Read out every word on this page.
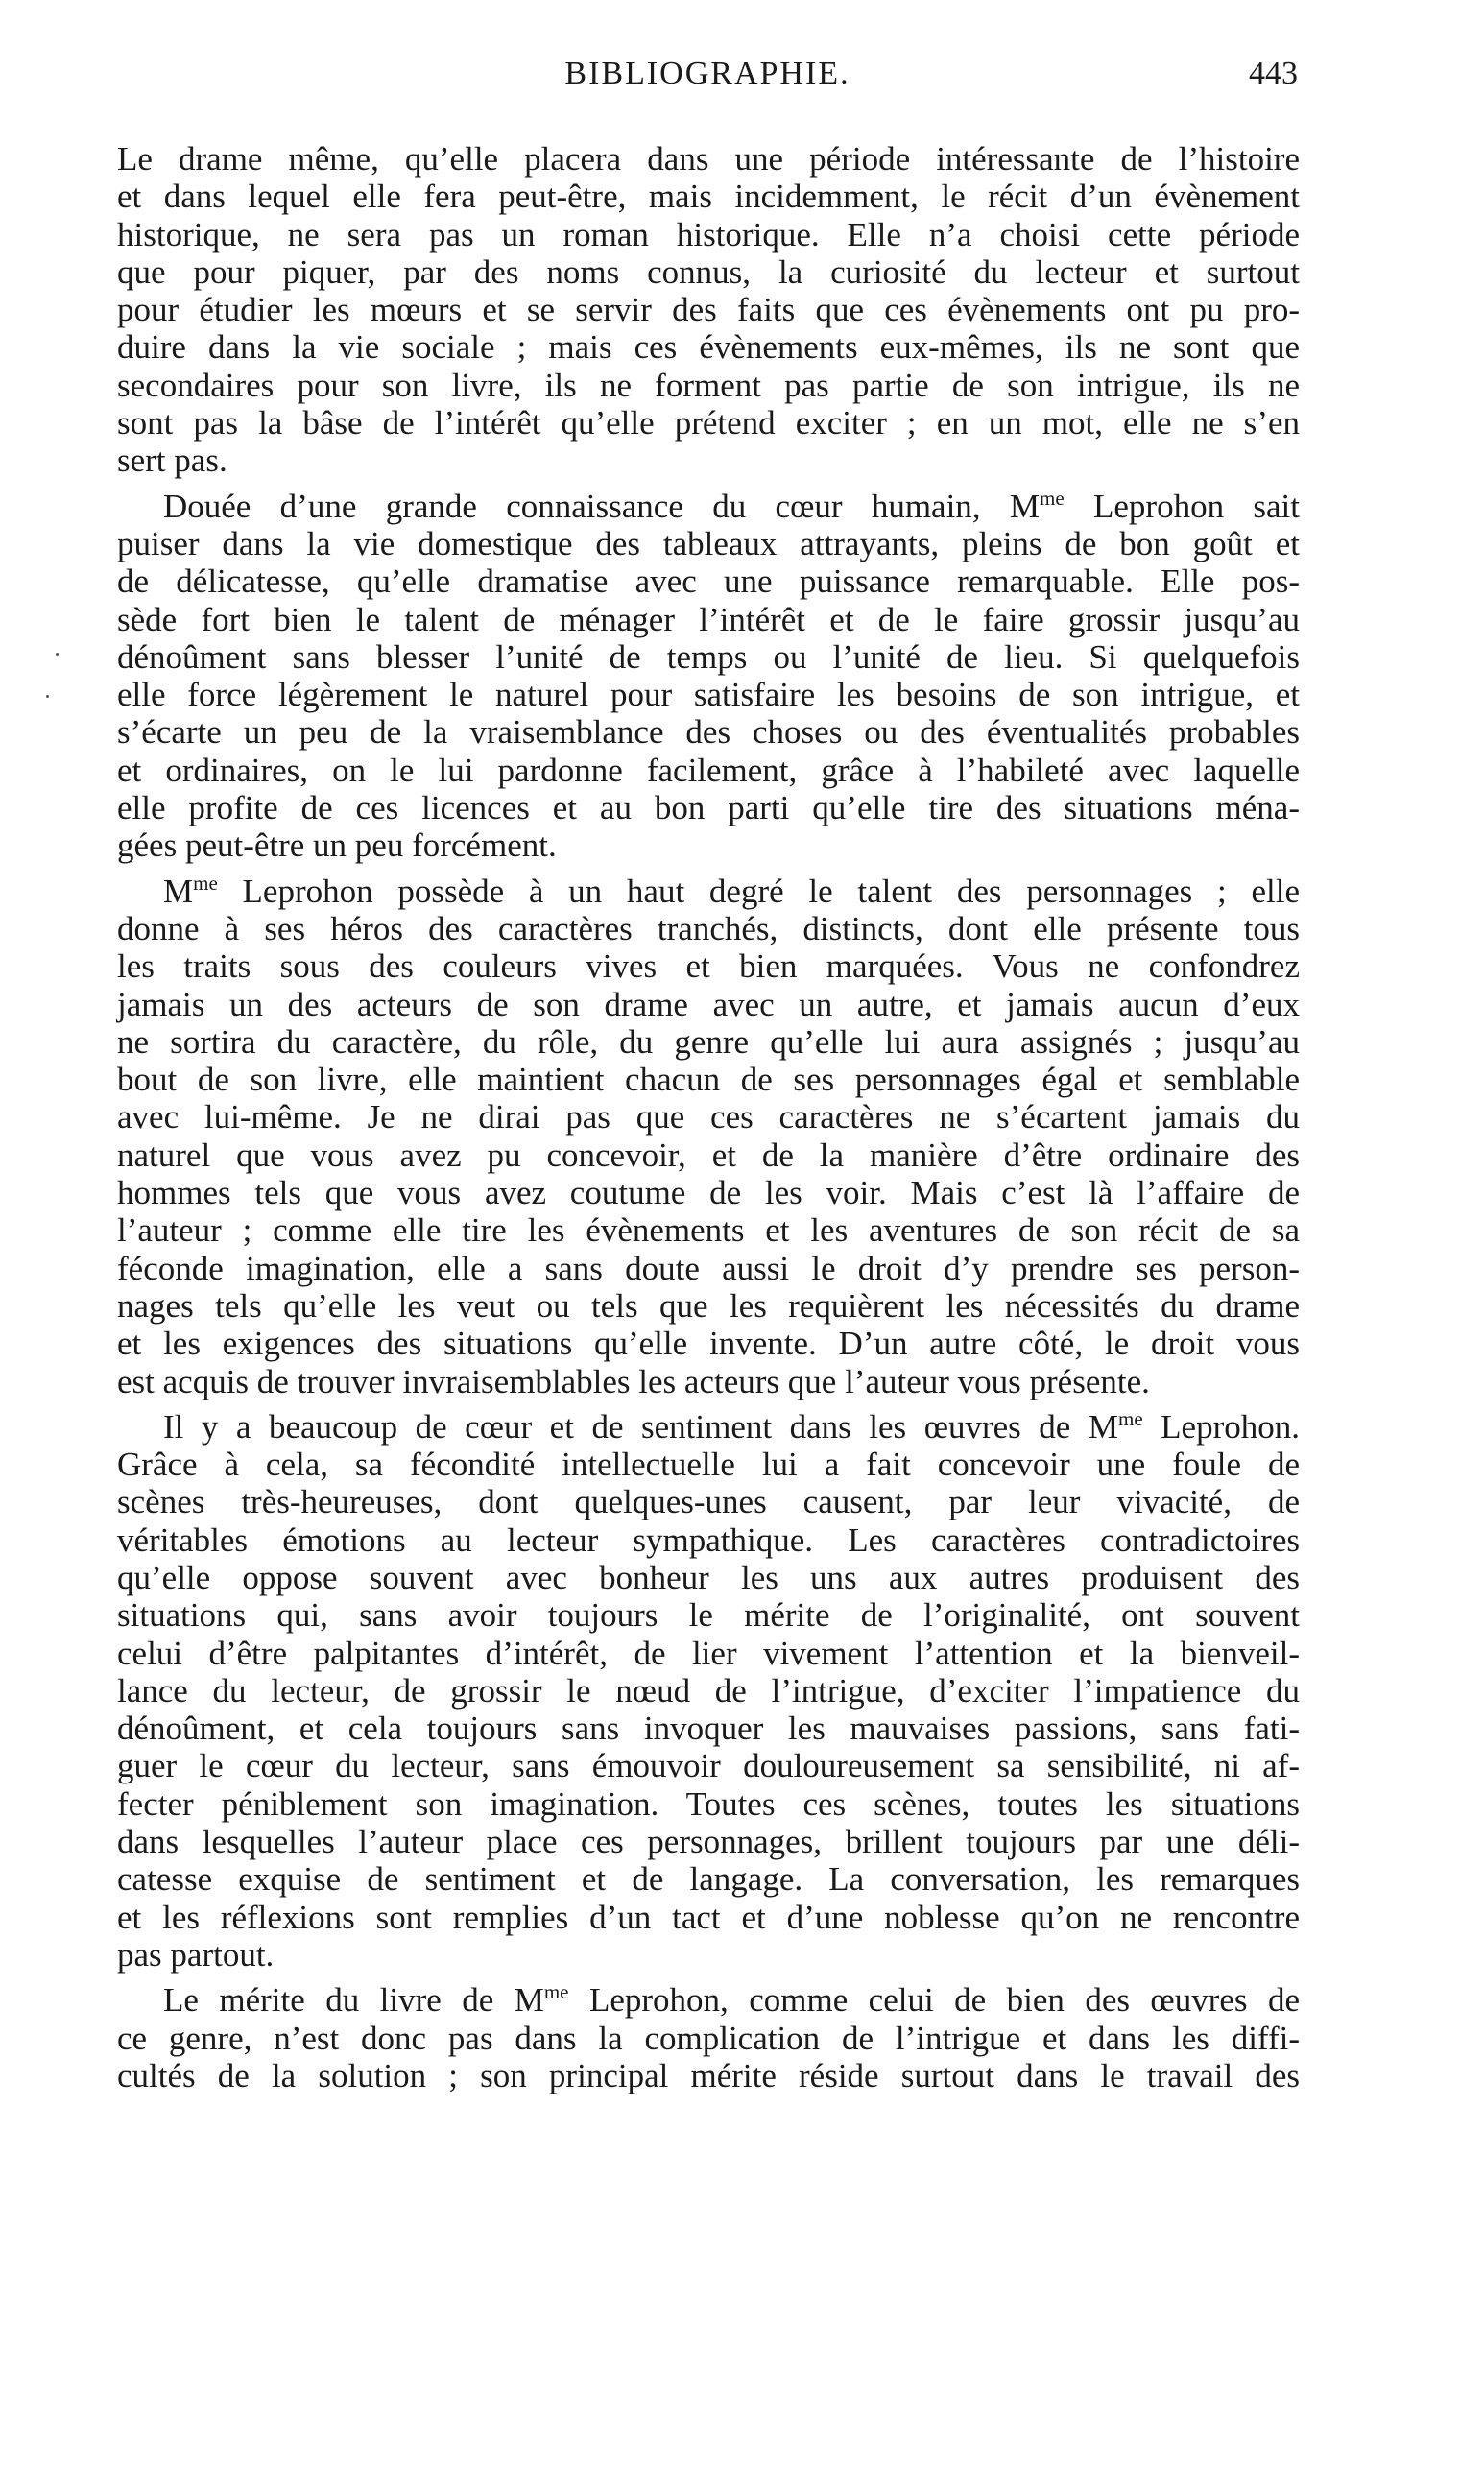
BIBLIOGRAPHIE.	443
Le drame même, qu’elle placera dans une période intéressante de l’histoire
et dans lequel elle fera peut-être, mais incidemment, le récit d’un évènement
historique, ne sera pas un roman historique. Elle n’a choisi cette période
que pour piquer, par des noms connus, la curiosité du lecteur et surtout
pour étudier les mœurs et se servir des faits que ces évènements ont pu pro-
duire dans la vie sociale ; mais ces évènements eux-mêmes, ils ne sont que
secondaires pour son livre, ils ne forment pas partie de son intrigue, ils ne
sont pas la bâse de l’intérêt qu’elle prétend exciter ; en un mot, elle ne s’en
sert pas.
Douée d’une grande connaissance du cœur humain, $M^{me}$ Leprohon sait
puiser dans la vie domestique des tableaux attrayants, pleins de bon goût et
de délicatesse, qu’elle dramatise avec une puissance remarquable. Elle pos-
sède fort bien le talent de ménager l’intérêt et de le faire grossir jusqu’au
dénoûment sans blesser l’unité de temps ou l’unité de lieu. Si quelquefois
elle force légèrement le naturel pour satisfaire les besoins de son intrigue, et
s’écarte un peu de la vraisemblance des choses ou des éventualités probables
et ordinaires, on le lui pardonne facilement, grâce à l’habileté avec laquelle
elle profite de ces licences et au bon parti qu’elle tire des situations ména-
gées peut-être un peu forcément.
$M^{me}$ Leprohon possède à un haut degré le talent des personnages ; elle
donne à ses héros des caractères tranchés, distincts, dont elle présente tous
les traits sous des couleurs vives et bien marquées. Vous ne confondrez
jamais un des acteurs de son drame avec un autre, et jamais aucun d’eux
ne sortira du caractère, du rôle, du genre qu’elle lui aura assignés ; jusqu’au
bout de son livre, elle maintient chacun de ses personnages égal et semblable
avec lui-même. Je ne dirai pas que ces caractères ne s’écartent jamais du
naturel que vous avez pu concevoir, et de la manière d’être ordinaire des
hommes tels que vous avez coutume de les voir. Mais c’est là l’affaire de
l’auteur ; comme elle tire les évènements et les aventures de son récit de sa
féconde imagination, elle a sans doute aussi le droit d’y prendre ses person-
nages tels qu’elle les veut ou tels que les requièrent les nécessités du drame
et les exigences des situations qu’elle invente. D’un autre côté, le droit vous
est acquis de trouver invraisemblables les acteurs que l’auteur vous présente.
Il y a beaucoup de cœur et de sentiment dans les œuvres de $M^{me}$ Leprohon.
Grâce à cela, sa fécondité intellectuelle lui a fait concevoir une foule de
scènes très-heureuses, dont quelques-unes causent, par leur vivacité, de
véritables émotions au lecteur sympathique. Les caractères contradictoires
qu’elle oppose souvent avec bonheur les uns aux autres produisent des
situations qui, sans avoir toujours le mérite de l’originalité, ont souvent
celui d’être palpitantes d’intérêt, de lier vivement l’attention et la bienveil-
lance du lecteur, de grossir le nœud de l’intrigue, d’exciter l’impatience du
dénoûment, et cela toujours sans invoquer les mauvaises passions, sans fati-
guer le cœur du lecteur, sans émouvoir douloureusement sa sensibilité, ni af-
fecter péniblement son imagination. Toutes ces scènes, toutes les situations
dans lesquelles l’auteur place ces personnages, brillent toujours par une déli-
catesse exquise de sentiment et de langage. La conversation, les remarques
et les réflexions sont remplies d’un tact et d’une noblesse qu’on ne rencontre
pas partout.
Le mérite du livre de $M^{me}$ Leprohon, comme celui de bien des œuvres de
ce genre, n’est donc pas dans la complication de l’intrigue et dans les diffi-
cultés de la solution ; son principal mérite réside surtout dans le travail des
